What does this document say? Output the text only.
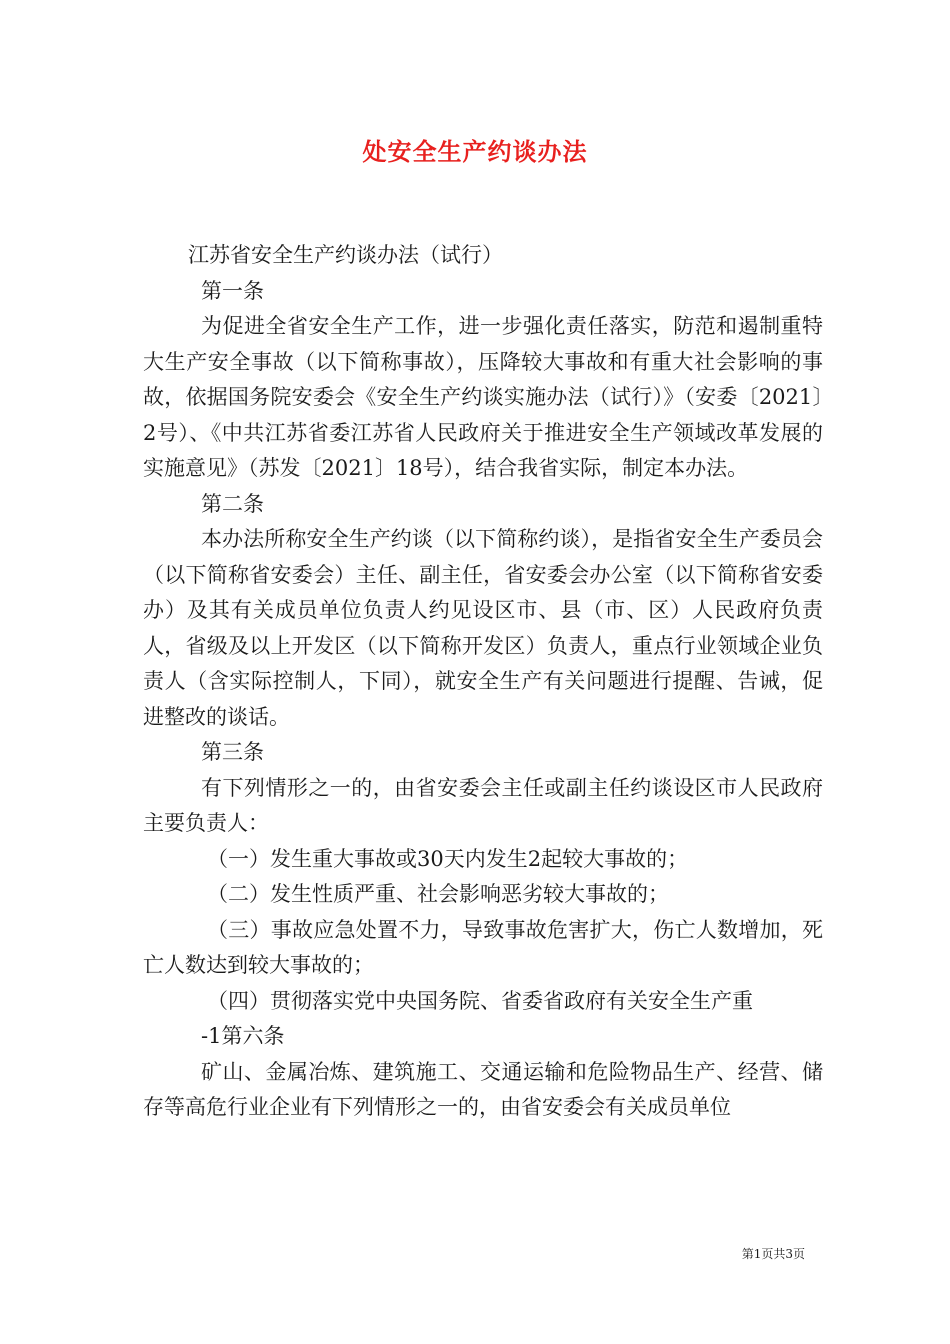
处安全生产约谈办法

江苏省安全生产约谈办法（试行）

第一条

为促进全省安全生产工作，进一步强化责任落实，防范和遏制重特大生产安全事故（以下简称事故），压降较大事故和有重大社会影响的事故，依据国务院安委会《安全生产约谈实施办法（试行）》（安委〔2021〕2号）、《中共江苏省委江苏省人民政府关于推进安全生产领域改革发展的实施意见》（苏发〔2021〕18号），结合我省实际，制定本办法。

第二条

本办法所称安全生产约谈（以下简称约谈），是指省安全生产委员会（以下简称省安委会）主任、副主任，省安委会办公室（以下简称省安委办）及其有关成员单位负责人约见设区市、县（市、区）人民政府负责人，省级及以上开发区（以下简称开发区）负责人，重点行业领域企业负责人（含实际控制人，下同），就安全生产有关问题进行提醒、告诫，促进整改的谈话。

第三条

有下列情形之一的，由省安委会主任或副主任约谈设区市人民政府主要负责人：

（一）发生重大事故或30天内发生2起较大事故的；

（二）发生性质严重、社会影响恶劣较大事故的；

（三）事故应急处置不力，导致事故危害扩大，伤亡人数增加，死亡人数达到较大事故的；

（四）贯彻落实党中央国务院、省委省政府有关安全生产重

-1第六条

矿山、金属冶炼、建筑施工、交通运输和危险物品生产、经营、储存等高危行业企业有下列情形之一的，由省安委会有关成员单位

第1页共3页
